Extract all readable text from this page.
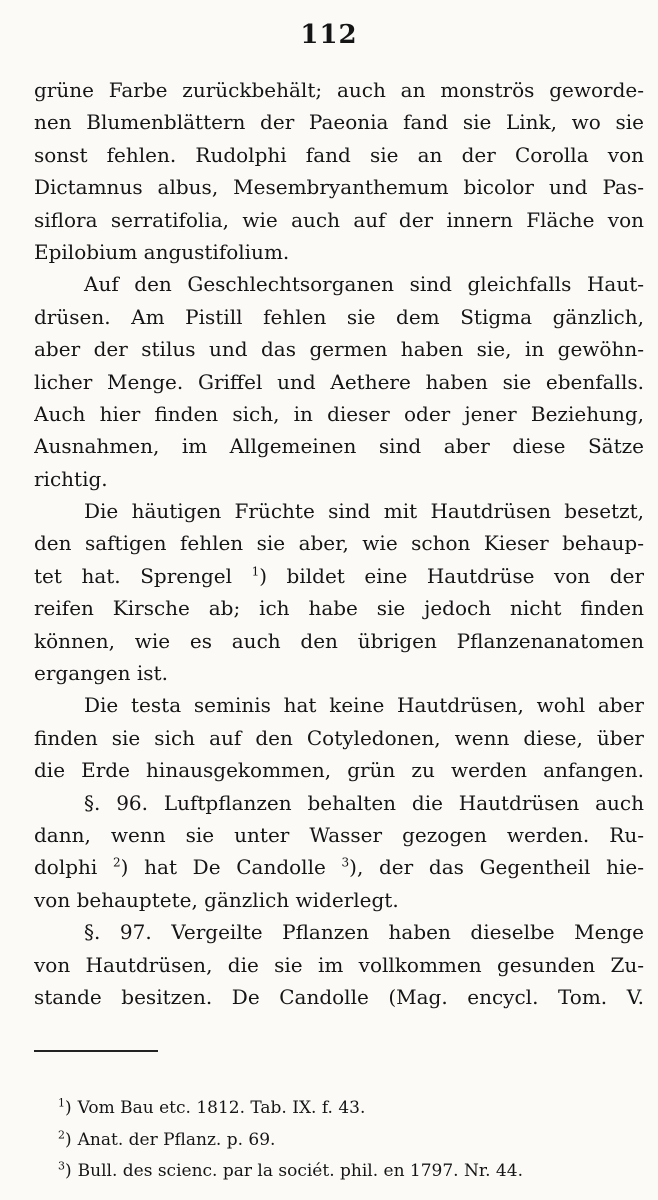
112
grüne Farbe zurückbehält; auch an monströs geworde-
nen Blumenblättern der Paeonia fand sie Link, wo sie
sonst fehlen. Rudolphi fand sie an der Corolla von
Dictamnus albus, Mesembryanthemum bicolor und Pas-
siflora serratifolia, wie auch auf der innern Fläche von
Epilobium angustifolium.
Auf den Geschlechtsorganen sind gleichfalls Haut-
drüsen. Am Pistill fehlen sie dem Stigma gänzlich,
aber der stilus und das germen haben sie, in gewöhn-
licher Menge. Griffel und Aethere haben sie ebenfalls.
Auch hier finden sich, in dieser oder jener Beziehung,
Ausnahmen, im Allgemeinen sind aber diese Sätze
richtig.
Die häutigen Früchte sind mit Hautdrüsen besetzt,
den saftigen fehlen sie aber, wie schon Kieser behaup-
tet hat. Sprengel $^1$) bildet eine Hautdrüse von der
reifen Kirsche ab; ich habe sie jedoch nicht finden
können, wie es auch den übrigen Pflanzenanatomen
ergangen ist.
Die testa seminis hat keine Hautdrüsen, wohl aber
finden sie sich auf den Cotyledonen, wenn diese, über
die Erde hinausgekommen, grün zu werden anfangen.
§. 96. Luftpflanzen behalten die Hautdrüsen auch
dann, wenn sie unter Wasser gezogen werden. Ru-
dolphi $^2$) hat De Candolle $^3$), der das Gegentheil hie-
von behauptete, gänzlich widerlegt.
§. 97. Vergeilte Pflanzen haben dieselbe Menge
von Hautdrüsen, die sie im vollkommen gesunden Zu-
stande besitzen. De Candolle (Mag. encycl. Tom. V.
$^1$) Vom Bau etc. 1812. Tab. IX. f. 43.
$^2$) Anat. der Pflanz. p. 69.
$^3$) Bull. des scienc. par la sociét. phil. en 1797. Nr. 44.
